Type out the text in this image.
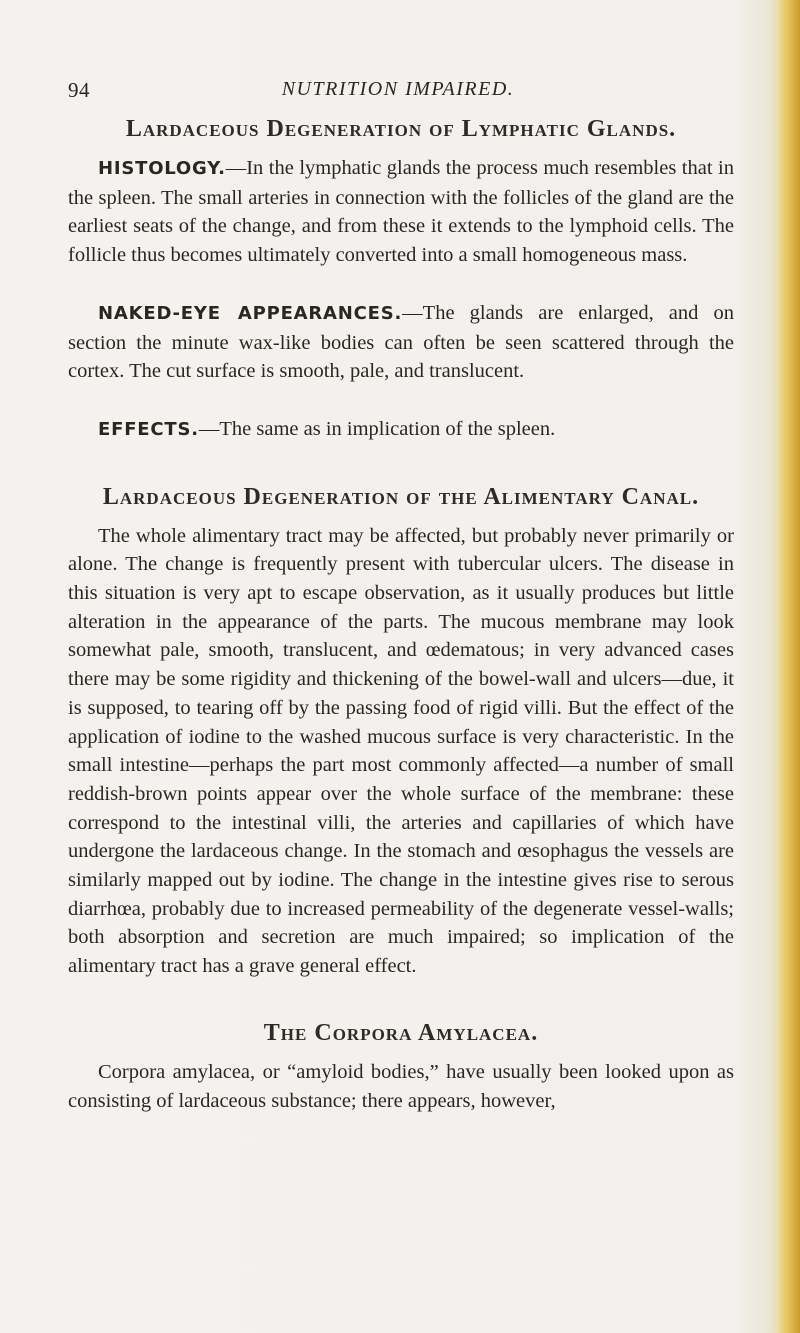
94	NUTRITION IMPAIRED.
Lardaceous Degeneration of Lymphatic Glands.

HISTOLOGY.—In the lymphatic glands the process much resembles that in the spleen. The small arteries in connection with the follicles of the gland are the earliest seats of the change, and from these it extends to the lymphoid cells. The follicle thus becomes ultimately converted into a small homogeneous mass.

NAKED-EYE APPEARANCES.—The glands are enlarged, and on section the minute wax-like bodies can often be seen scattered through the cortex. The cut surface is smooth, pale, and translucent.

EFFECTS.—The same as in implication of the spleen.

Lardaceous Degeneration of the Alimentary Canal.

The whole alimentary tract may be affected, but probably never primarily or alone. The change is frequently present with tubercular ulcers. The disease in this situation is very apt to escape observation, as it usually produces but little alteration in the appearance of the parts. The mucous membrane may look somewhat pale, smooth, translucent, and œdematous; in very advanced cases there may be some rigidity and thickening of the bowel-wall and ulcers—due, it is supposed, to tearing off by the passing food of rigid villi. But the effect of the application of iodine to the washed mucous surface is very characteristic. In the small intestine—perhaps the part most commonly affected—a number of small reddish-brown points appear over the whole surface of the membrane: these correspond to the intestinal villi, the arteries and capillaries of which have undergone the lardaceous change. In the stomach and œsophagus the vessels are similarly mapped out by iodine. The change in the intestine gives rise to serous diarrhœa, probably due to increased permeability of the degenerate vessel-walls; both absorption and secretion are much impaired; so implication of the alimentary tract has a grave general effect.

The Corpora Amylacea.

Corpora amylacea, or “amyloid bodies,” have usually been looked upon as consisting of lardaceous substance; there appears, however,
